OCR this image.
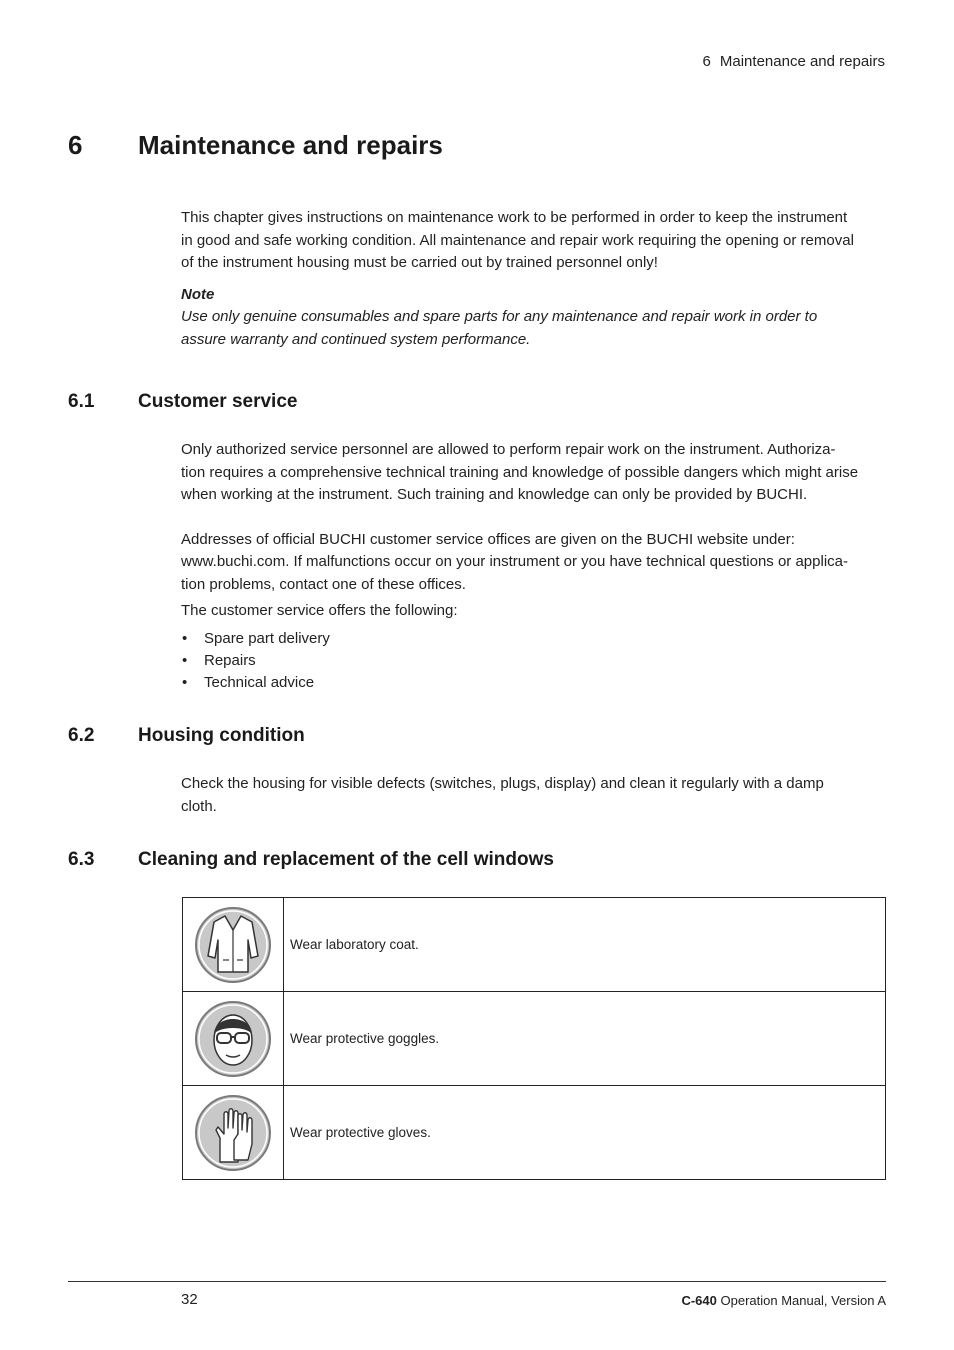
6 Maintenance and repairs
6 Maintenance and repairs

This chapter gives instructions on maintenance work to be performed in order to keep the instrument

in good and safe working condition. All maintenance and repair work requiring the opening or removal

of the instrument housing must be carried out by trained personnel only!

Note

Use only genuine consumables and spare parts for any maintenance and repair work in order to

assure warranty and continued system performance.

6.1 Customer service

Only authorized service personnel are allowed to perform repair work on the instrument. Authoriza-

tion requires a comprehensive technical training and knowledge of possible dangers which might arise

when working at the instrument. Such training and knowledge can only be provided by BUCHI.

Addresses of official BUCHI customer service offices are given on the BUCHI website under:

www.buchi.com. If malfunctions occur on your instrument or you have technical questions or applica-

tion problems, contact one of these offices.

The customer service offers the following:

• Spare part delivery
• Repairs
• Technical advice
6.2 Housing condition

Check the housing for visible defects (switches, plugs, display) and clean it regularly with a damp

cloth.

6.3 Cleaning and replacement of the cell windows
	Wear laboratory coat.

	Wear protective goggles.

	Wear protective gloves.
32	C-640 Operation Manual, Version A
